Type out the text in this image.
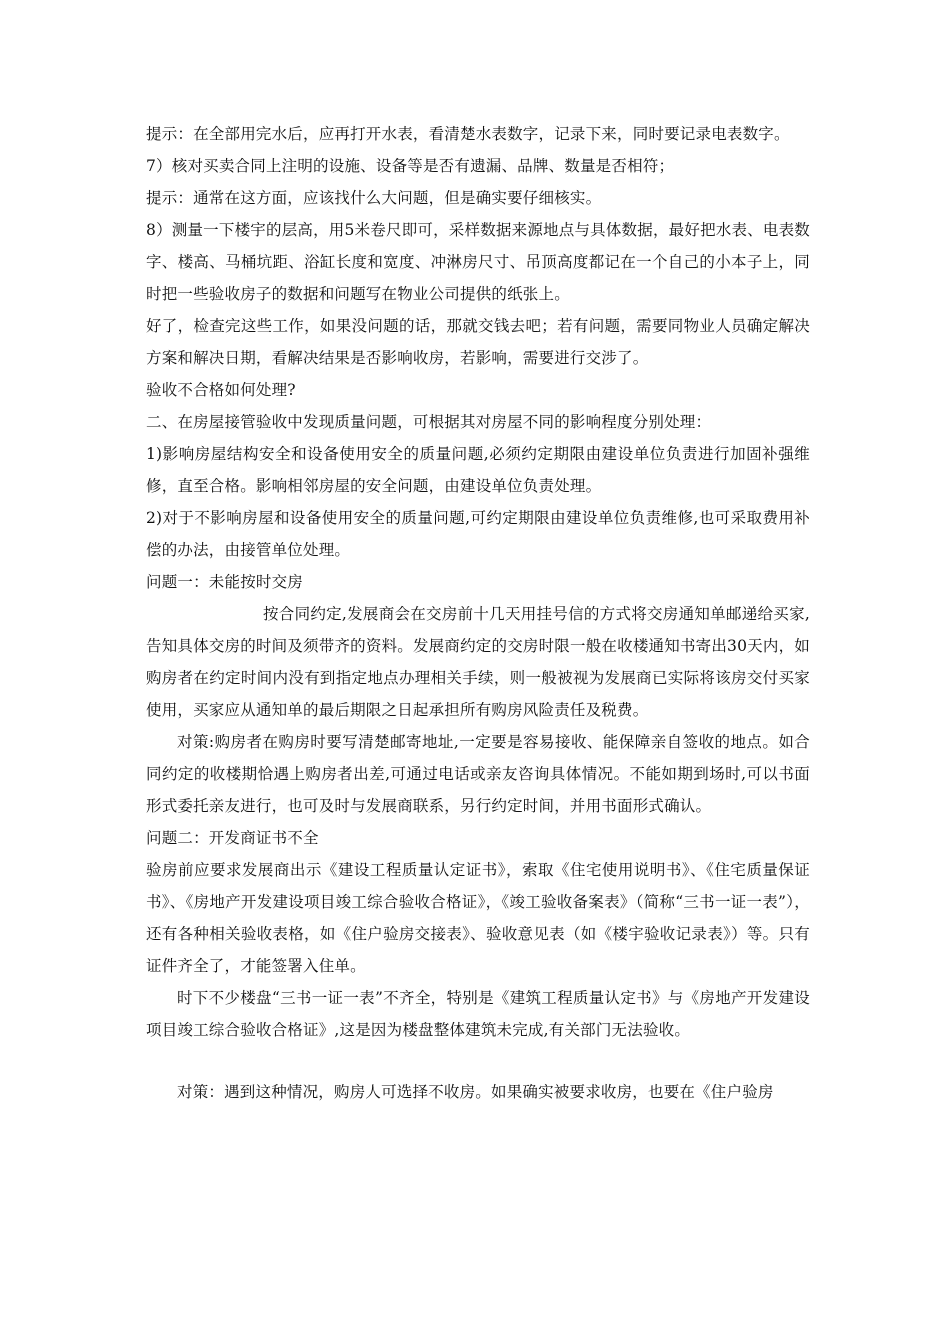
提示：在全部用完水后，应再打开水表，看清楚水表数字，记录下来，同时要记录电表数字。

7）核对买卖合同上注明的设施、设备等是否有遗漏、品牌、数量是否相符；

提示：通常在这方面，应该找什么大问题，但是确实要仔细核实。

8）测量一下楼宇的层高，用5米卷尺即可，采样数据来源地点与具体数据，最好把水表、电表数字、楼高、马桶坑距、浴缸长度和宽度、冲淋房尺寸、吊顶高度都记在一个自己的小本子上，同时把一些验收房子的数据和问题写在物业公司提供的纸张上。

好了，检查完这些工作，如果没问题的话，那就交钱去吧；若有问题，需要同物业人员确定解决方案和解决日期，看解决结果是否影响收房，若影响，需要进行交涉了。

验收不合格如何处理?

二、在房屋接管验收中发现质量问题，可根据其对房屋不同的影响程度分别处理：

1)影响房屋结构安全和设备使用安全的质量问题,必须约定期限由建设单位负责进行加固补强维修，直至合格。影响相邻房屋的安全问题，由建设单位负责处理。

2)对于不影响房屋和设备使用安全的质量问题,可约定期限由建设单位负责维修,也可采取费用补偿的办法，由接管单位处理。

问题一：未能按时交房

按合同约定,发展商会在交房前十几天用挂号信的方式将交房通知单邮递给买家,告知具体交房的时间及须带齐的资料。发展商约定的交房时限一般在收楼通知书寄出30天内，如购房者在约定时间内没有到指定地点办理相关手续，则一般被视为发展商已实际将该房交付买家使用，买家应从通知单的最后期限之日起承担所有购房风险责任及税费。

对策:购房者在购房时要写清楚邮寄地址,一定要是容易接收、能保障亲自签收的地点。如合同约定的收楼期恰遇上购房者出差,可通过电话或亲友咨询具体情况。不能如期到场时,可以书面形式委托亲友进行，也可及时与发展商联系，另行约定时间，并用书面形式确认。

问题二：开发商证书不全

验房前应要求发展商出示《建设工程质量认定证书》，索取《住宅使用说明书》、《住宅质量保证书》、《房地产开发建设项目竣工综合验收合格证》，《竣工验收备案表》（简称“三书一证一表”），还有各种相关验收表格，如《住户验房交接表》、验收意见表（如《楼宇验收记录表》）等。只有证件齐全了，才能签署入住单。

时下不少楼盘“三书一证一表”不齐全，特别是《建筑工程质量认定书》与《房地产开发建设项目竣工综合验收合格证》,这是因为楼盘整体建筑未完成,有关部门无法验收。

对策：遇到这种情况，购房人可选择不收房。如果确实被要求收房，也要在《住户验房
